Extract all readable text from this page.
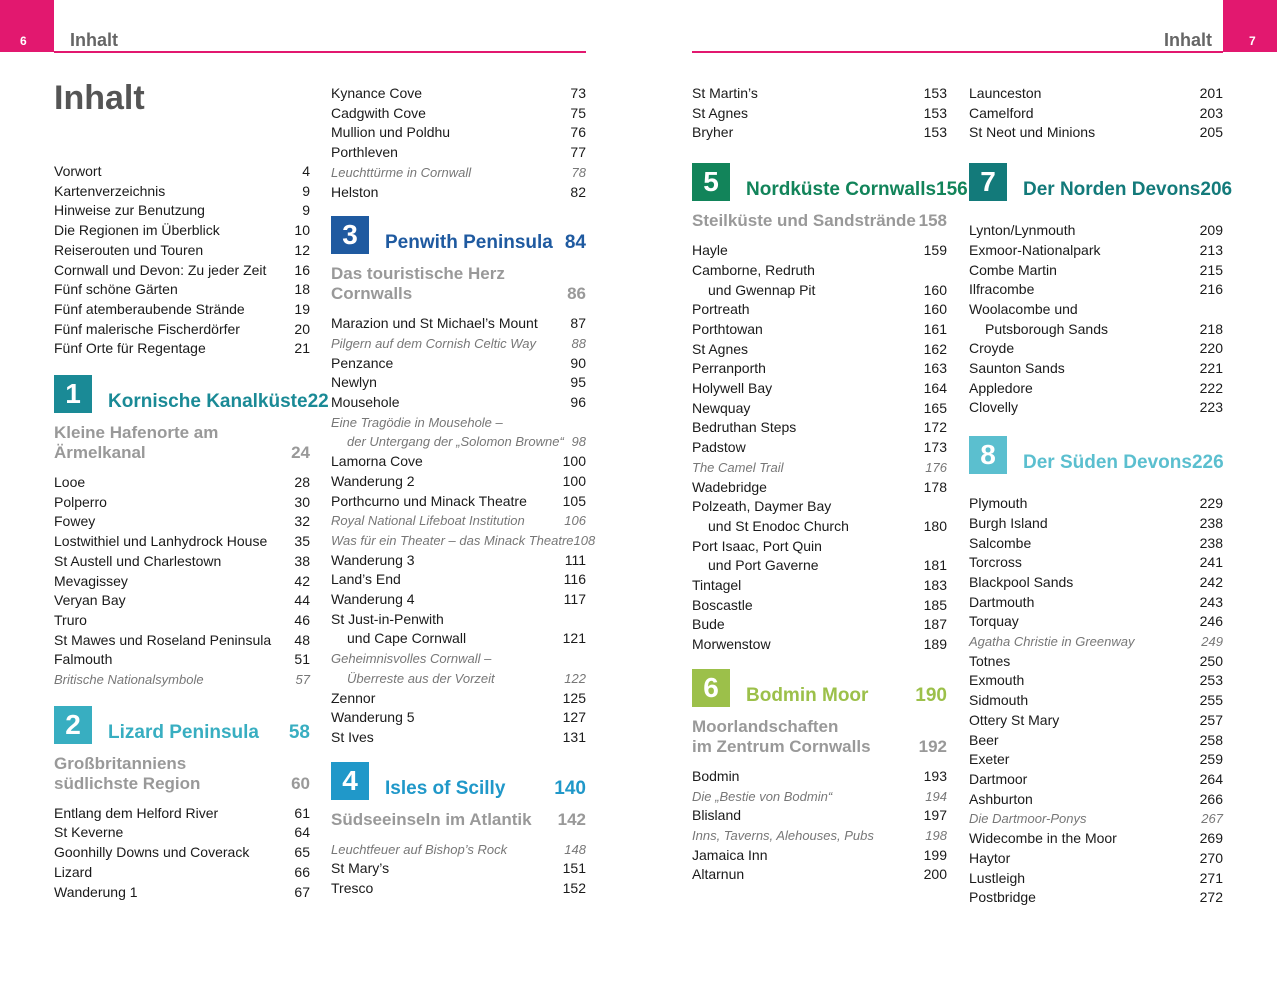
6 Inhalt	7
Inhalt
Inhalt
Vorwort	4
Kartenverzeichnis	9
Hinweise zur Benutzung	9
Die Regionen im Überblick	10
Reiserouten und Touren	12
Cornwall und Devon: Zu jeder Zeit 16
Fünf schöne Gärten	18
Fünf atemberaubende Strände	19
Fünf malerische Fischerdörfer	20
Fünf Orte für Regentage	21
1	Kornische Kanalküste 22
Kleine Hafenorte am Ärmelkanal	24
Looe	28
Polperro	30
Fowey	32
Lostwithiel und Lanhydrock House 35
St Austell und Charlestown	38
Mevagissey	42
Veryan Bay	44
Truro	46
St Mawes und Roseland Peninsula 48
Falmouth	51
Britische Nationalsymbole	57
2	Lizard Peninsula 58
Großbritanniens
südlichste Region	60
Entlang dem Helford River	61
St Keverne	64
Goonhilly Downs und Coverack	65
Lizard	66
Wanderung 1	67
Kynance Cove	73
Cadgwith Cove	75
Mullion und Poldhu	76
Porthleven	77
Leuchttürme in Cornwall	78
Helston	82
3	Penwith Peninsula 84
Das touristische Herz Cornwalls	86
Marazion und St Michael’s Mount 87
Pilgern auf dem Cornish Celtic Way	88
Penzance	90
Newlyn	95
Mousehole	96
Eine Tragödie in Mousehole –
der Untergang der „Solomon Browne“ 98
Lamorna Cove	100
Wanderung 2	100
Porthcurno und Minack Theatre	105
Royal National Lifeboat Institution	106
Was für ein Theater – das Minack Theatre 108
Wanderung 3	111
Land’s End	116
Wanderung 4	117
St Just-in-Penwith
und Cape Cornwall	121
Geheimnisvolles Cornwall –
Überreste aus der Vorzeit	122
Zennor	125
Wanderung 5	127
St Ives	131
4	Isles of Scilly	140
Südseeinseln im Atlantik 142
Leuchtfeuer auf Bishop’s Rock	148
St Mary’s	151
Tresco	152
St Martin’s	153
St Agnes	153
Bryher	153
5	Nordküste Cornwalls 156
Steilküste und Sandstrände 158
Hayle	159
Camborne, Redruth
und Gwennap Pit	160
Portreath	160
Porthtowan	161
St Agnes	162
Perranporth	163
Holywell Bay	164
Newquay	165
Bedruthan Steps	172
Padstow	173
The Camel Trail	176
Wadebridge	178
Polzeath, Daymer Bay
und St Enodoc Church	180
Port Isaac, Port Quin
und Port Gaverne	181
Tintagel	183
Boscastle	185
Bude	187
Morwenstow	189
6	Bodmin Moor 190
Moorlandschaften
im Zentrum Cornwalls	192
Bodmin	193
Die „Bestie von Bodmin“	194
Blisland	197
Inns, Taverns, Alehouses, Pubs	198
Jamaica Inn	199
Altarnun	200
Launceston	201
Camelford	203
St Neot und Minions	205
7	Der Norden Devons 206
Lynton/Lynmouth	209
Exmoor-Nationalpark	213
Combe Martin	215
Ilfracombe	216
Woolacombe und
Putsborough Sands	218
Croyde	220
Saunton Sands	221
Appledore	222
Clovelly	223
8	Der Süden Devons 226
Plymouth	229
Burgh Island	238
Salcombe	238
Torcross	241
Blackpool Sands	242
Dartmouth	243
Torquay	246
Agatha Christie in Greenway	249
Totnes	250
Exmouth	253
Sidmouth	255
Ottery St Mary	257
Beer	258
Exeter	259
Dartmoor	264
Ashburton	266
Die Dartmoor-Ponys	267
Widecombe in the Moor	269
Haytor	270
Lustleigh	271
Postbridge	272
